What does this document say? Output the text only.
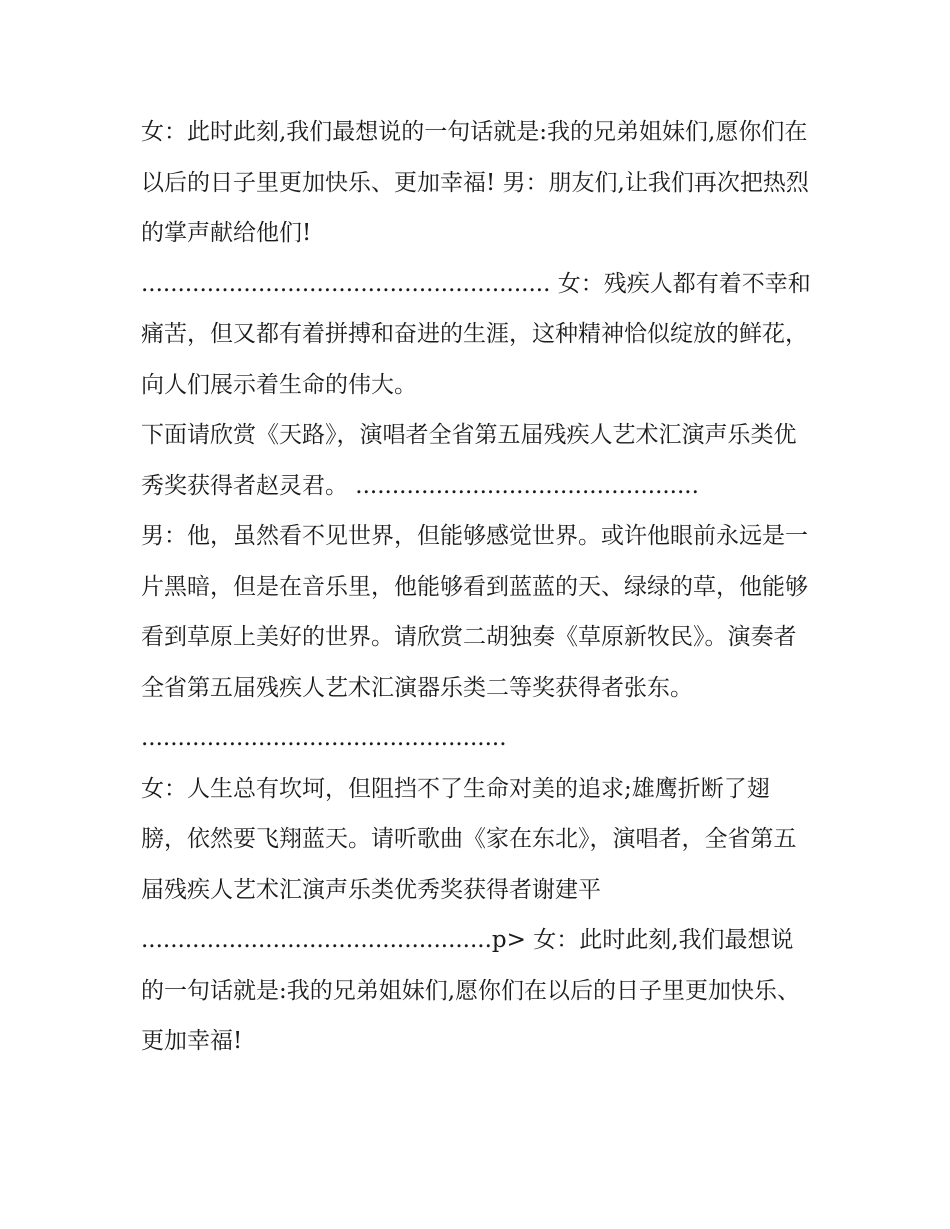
女：此时此刻,我们最想说的一句话就是:我的兄弟姐妹们,愿你们在以后的日子里更加快乐、更加幸福! 男：朋友们,让我们再次把热烈的掌声献给他们!

........................................................ 女：残疾人都有着不幸和痛苦，但又都有着拼搏和奋进的生涯，这种精神恰似绽放的鲜花，向人们展示着生命的伟大。

下面请欣赏《天路》，演唱者全省第五届残疾人艺术汇演声乐类优秀奖获得者赵灵君。 ...............................................

男：他，虽然看不见世界，但能够感觉世界。或许他眼前永远是一片黑暗，但是在音乐里，他能够看到蓝蓝的天、绿绿的草，他能够看到草原上美好的世界。请欣赏二胡独奏《草原新牧民》。演奏者全省第五届残疾人艺术汇演器乐类二等奖获得者张东。

..................................................

女：人生总有坎坷，但阻挡不了生命对美的追求;雄鹰折断了翅膀，依然要飞翔蓝天。请听歌曲《家在东北》，演唱者，全省第五届残疾人艺术汇演声乐类优秀奖获得者谢建平

................................................p> 女：此时此刻,我们最想说的一句话就是:我的兄弟姐妹们,愿你们在以后的日子里更加快乐、更加幸福!
